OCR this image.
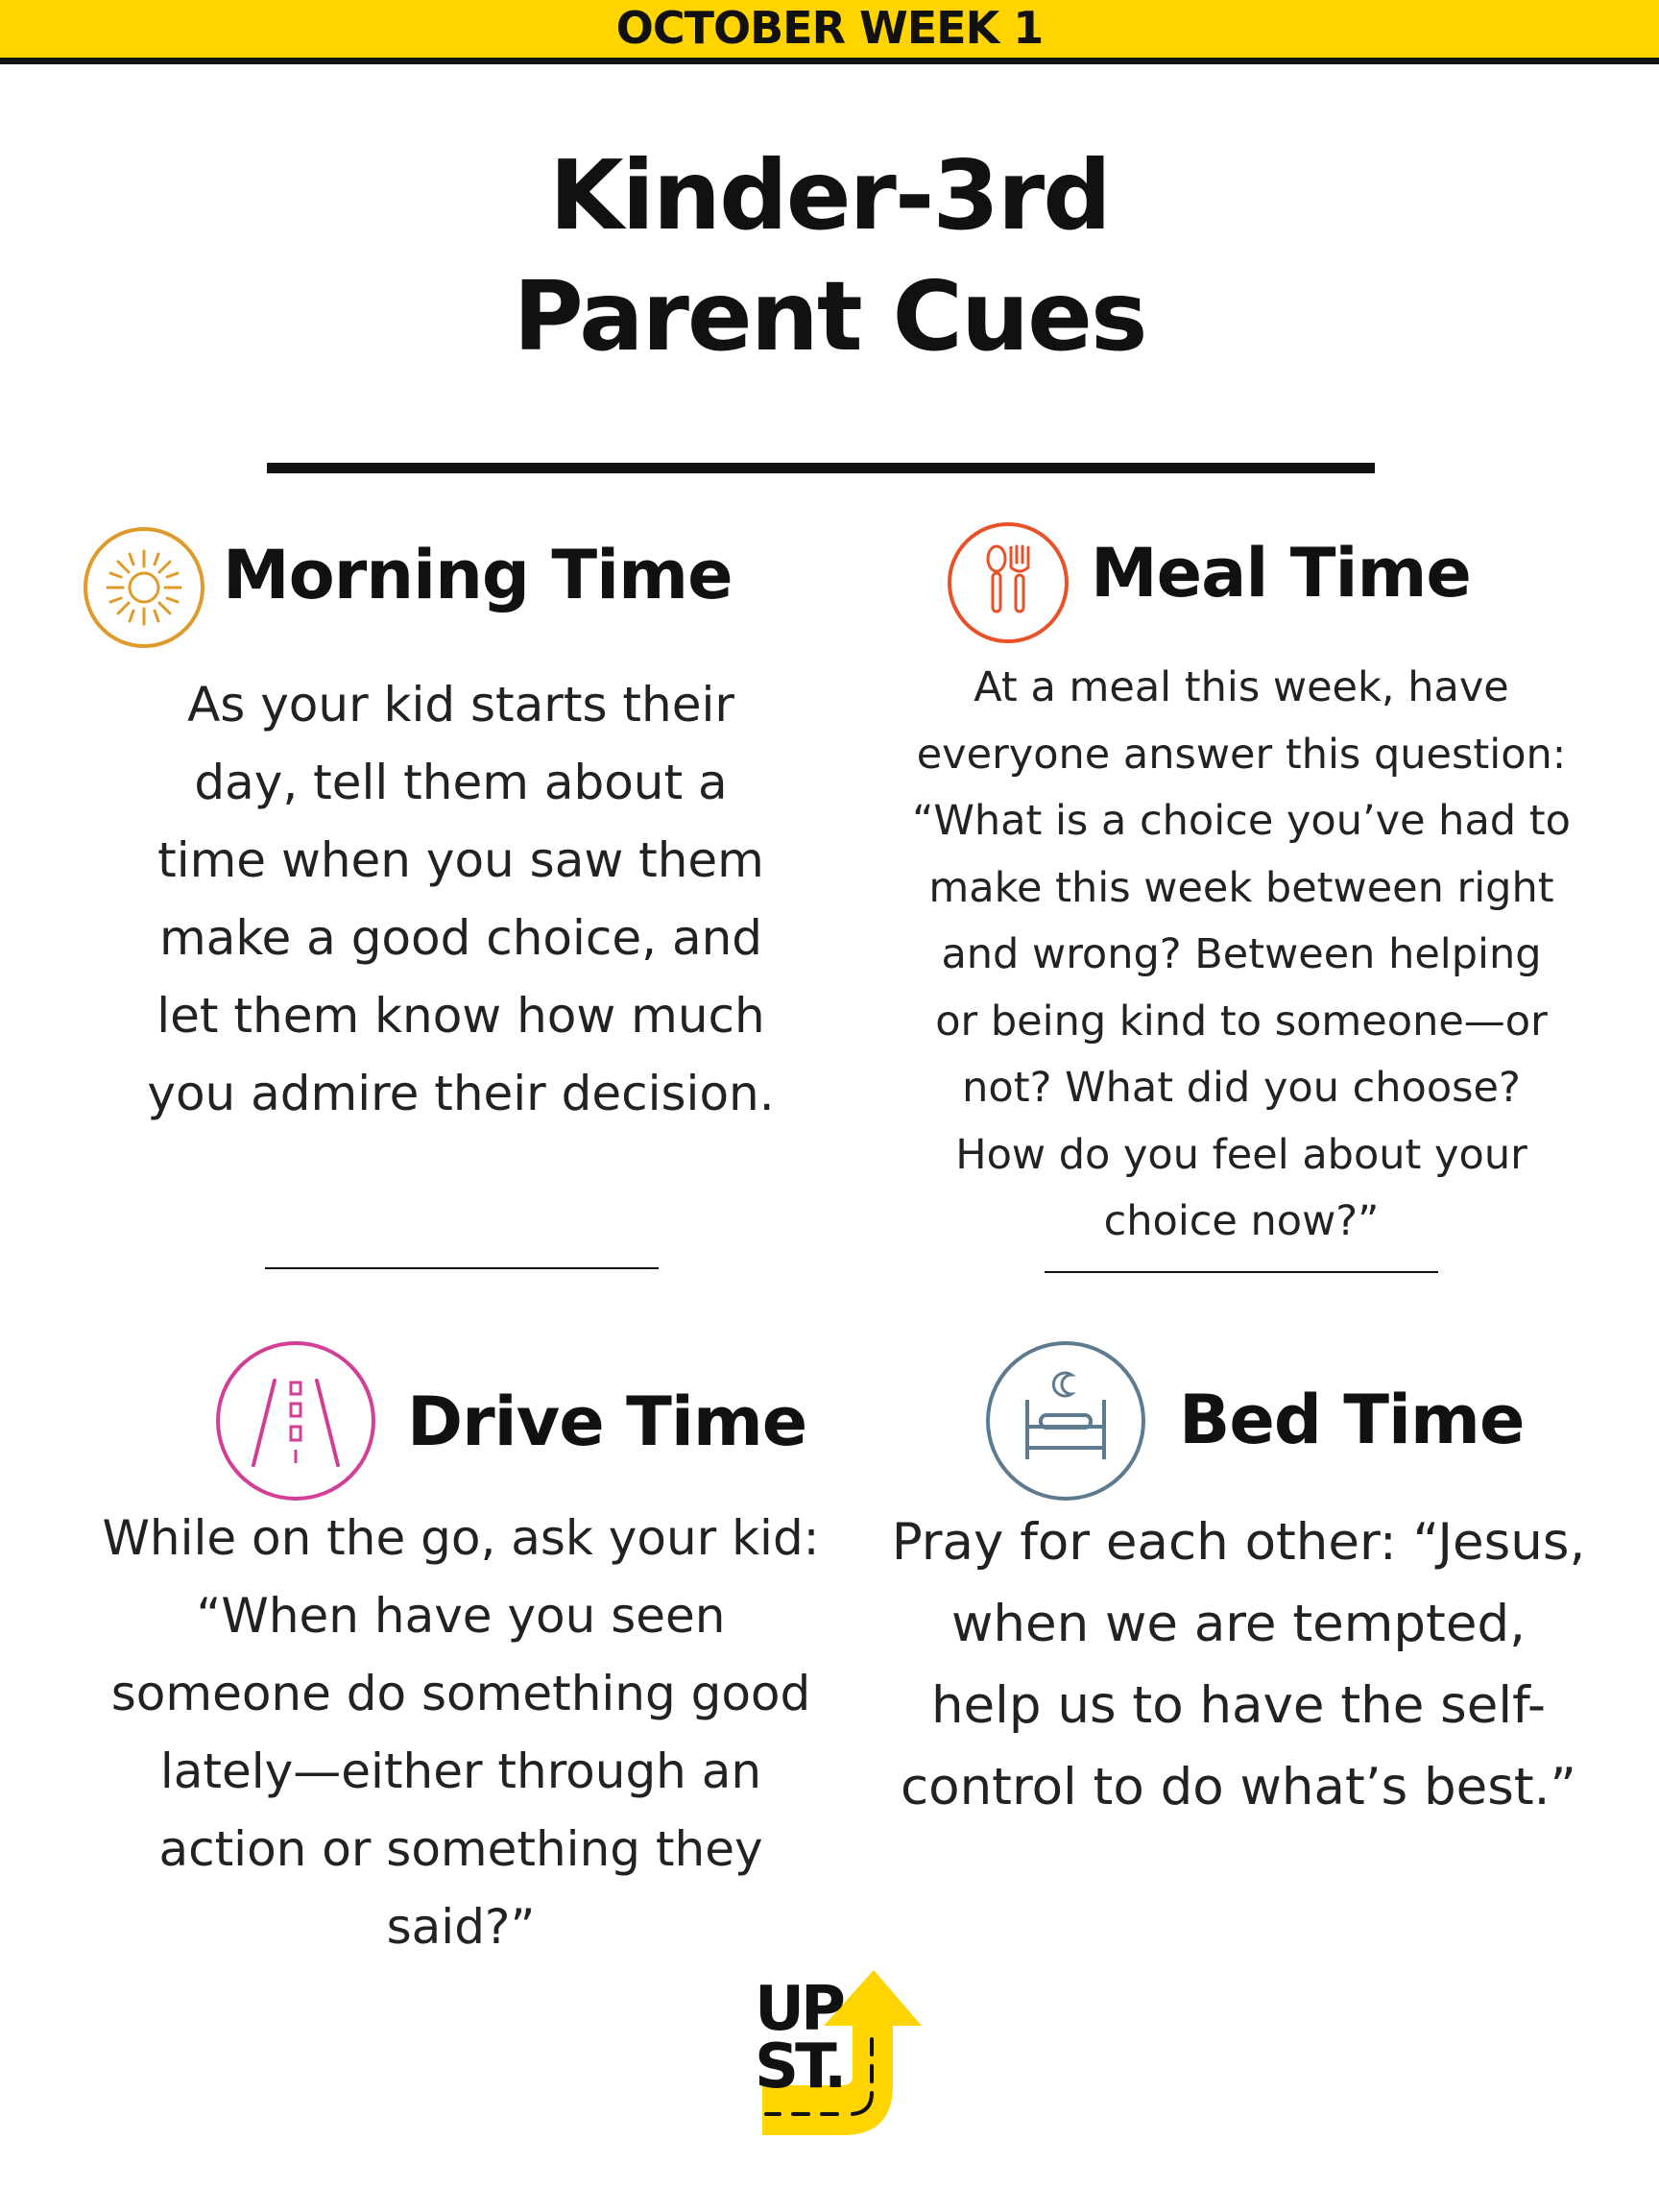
OCTOBER WEEK 1
Kinder-3rd
Parent Cues
Morning Time
As your kid starts their
day, tell them about a
time when you saw them
make a good choice, and
let them know how much
you admire their decision.
Meal Time
At a meal this week, have
everyone answer this question:
“What is a choice you’ve had to
make this week between right
and wrong? Between helping
or being kind to someone—or
not? What did you choose?
How do you feel about your
choice now?”
Drive Time
While on the go, ask your kid:
“When have you seen
someone do something good
lately—either through an
action or something they
said?”
Bed Time
Pray for each other: “Jesus,
when we are tempted,
help us to have the self-
control to do what’s best.”
UP
ST.
